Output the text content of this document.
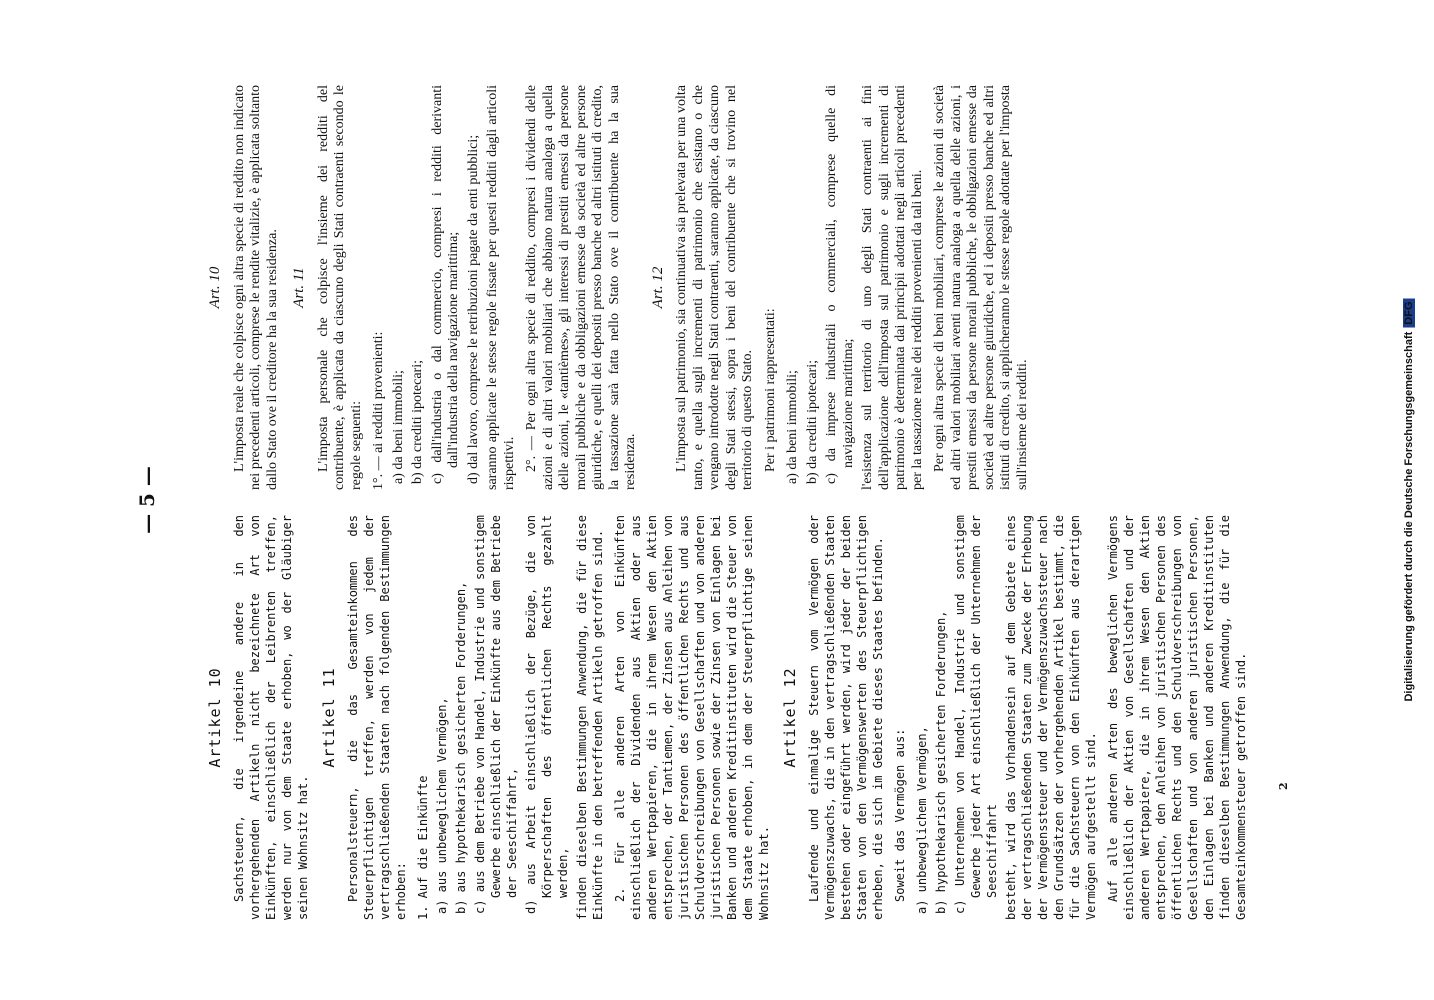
— 5 —
Artikel 10 Sachsteuern, die irgendeine andere in den vorhergehenden Artikeln nicht bezeichnete Art von Einkünften, einschließlich der Leibrenten treffen, werden nur von dem Staate erhoben, wo der Gläubiger seinen Wohnsitz hat.

Artikel 11 Personalsteuern, die das Gesamteinkommen des Steuerpflichtigen treffen, werden von jedem der vertragschließenden Staaten nach folgenden Bestimmungen erhoben: 1. Auf die Einkünfte a) aus unbeweglichem Vermögen, b) aus hypothekarisch gesicherten Forderungen, c) aus dem Betriebe von Handel, Industrie und sonstigem Gewerbe einschließlich der Einkünfte aus dem Betriebe der Seeschiffahrt, d) aus Arbeit einschließlich der Bezüge, die von Körperschaften des öffentlichen Rechts gezahlt werden, finden dieselben Bestimmungen Anwendung, die für diese Einkünfte in den betreffenden Artikeln getroffen sind. 2. Für alle anderen Arten von Einkünften einschließlich der Dividenden aus Aktien oder aus anderen Wertpapieren, die in ihrem Wesen den Aktien entsprechen, der Tantiemen, der Zinsen aus Anleihen von juristischen Personen des öffentlichen Rechts und aus Schuldverschreibungen von Gesellschaften und von anderen juristischen Personen sowie der Zinsen von Einlagen bei Banken und anderen Kreditinstituten wird die Steuer von dem Staate erhoben, in dem der Steuerpflichtige seinen Wohnsitz hat.

Artikel 12 Laufende und einmalige Steuern vom Vermögen oder Vermögenszuwachs, die in den vertragschließenden Staaten bestehen oder eingeführt werden, wird jeder der beiden Staaten von den Vermögenswerten des Steuerpflichtigen erheben, die sich im Gebiete dieses Staates befinden. Soweit das Vermögen aus: a) unbeweglichem Vermögen, b) hypothekarisch gesicherten Forderungen, c) Unternehmen von Handel, Industrie und sonstigem Gewerbe jeder Art einschließlich der Unternehmen der Seeschiffahrt besteht, wird das Vorhandensein auf dem Gebiete eines der vertragschließenden Staaten zum Zwecke der Erhebung der Vermögenssteuer und der Vermögenszuwachssteuer nach den Grundsätzen der vorhergehenden Artikel bestimmt, die für die Sachsteuern von den Einkünften aus derartigen Vermögen aufgestellt sind. Auf alle anderen Arten des beweglichen Vermögens einschließlich der Aktien von Gesellschaften und der anderen Wertpapiere, die in ihrem Wesen den Aktien entsprechen, den Anleihen von juristischen Personen des öffentlichen Rechts und den Schuldverschreibungen von Gesellschaften und von anderen juristischen Personen, den Einlagen bei Banken und anderen Kreditinstituten finden dieselben Bestimmungen Anwendung, die für die Gesamteinkommensteuer getroffen sind.

Art. 10 L'imposta reale che colpisce ogni altra specie di reddito non indicato nei precedenti articoli, comprese le rendite vitalizie, è applicata soltanto dallo Stato ove il creditore ha la sua residenza. Art. 11 L'imposta personale che colpisce l'insieme dei redditi del contribuente, è applicata da ciascuno degli Stati contraenti secondo le regole seguenti: 1°. — ai redditi provenienti: a) da beni immobili; b) da crediti ipotecari; c) dall'industria o dal commercio, compresi i redditi derivanti dall'industria della navigazione marittima; d) dal lavoro, comprese le retribuzioni pagate da enti pubblici; saranno applicate le stesse regole fissate per questi redditi dagli articoli rispettivi. 2°. — Per ogni altra specie di reddito, compresi i dividendi delle azioni e di altri valori mobiliari che abbiano natura analoga a quella delle azioni, le «tantièmes», gli interessi di prestiti emessi da persone morali pubbliche e da obbligazioni emesse da società ed altre persone giuridiche, e quelli dei depositi presso banche ed altri istituti di credito, la tassazione sarà fatta nello Stato ove il contribuente ha la sua residenza.

Art. 12 L'imposta sul patrimonio, sia continuativa sia prelevata per una volta tanto, e quella sugli incrementi di patrimonio che esistano o che vengano introdotte negli Stati contraenti, saranno applicate, da ciascuno degli Stati stessi, sopra i beni del contribuente che si trovino nel territorio di questo Stato. Per i patrimoni rappresentati: a) da beni immobili; b) da crediti ipotecari; c) da imprese industriali o commerciali, comprese quelle di navigazione marittima; l'esistenza sul territorio di uno degli Stati contraenti ai fini dell'applicazione dell'imposta sul patrimonio e sugli incrementi di patrimonio è determinata dai principii adottati negli articoli precedenti per la tassazione reale dei redditi provenienti da tali beni. Per ogni altra specie di beni mobiliari, comprese le azioni di società ed altri valori mobiliari aventi natura analoga a quella delle azioni, i prestiti emessi da persone morali pubbliche, le obbligazioni emesse da società ed altre persone giuridiche, ed i depositi presso banche ed altri istituti di credito, si applicheranno le stesse regole adottate per l'imposta sull'insieme dei redditi.

2
Digitalisierung gefördert durch die Deutsche ForschungsgemeinschaftDFG
